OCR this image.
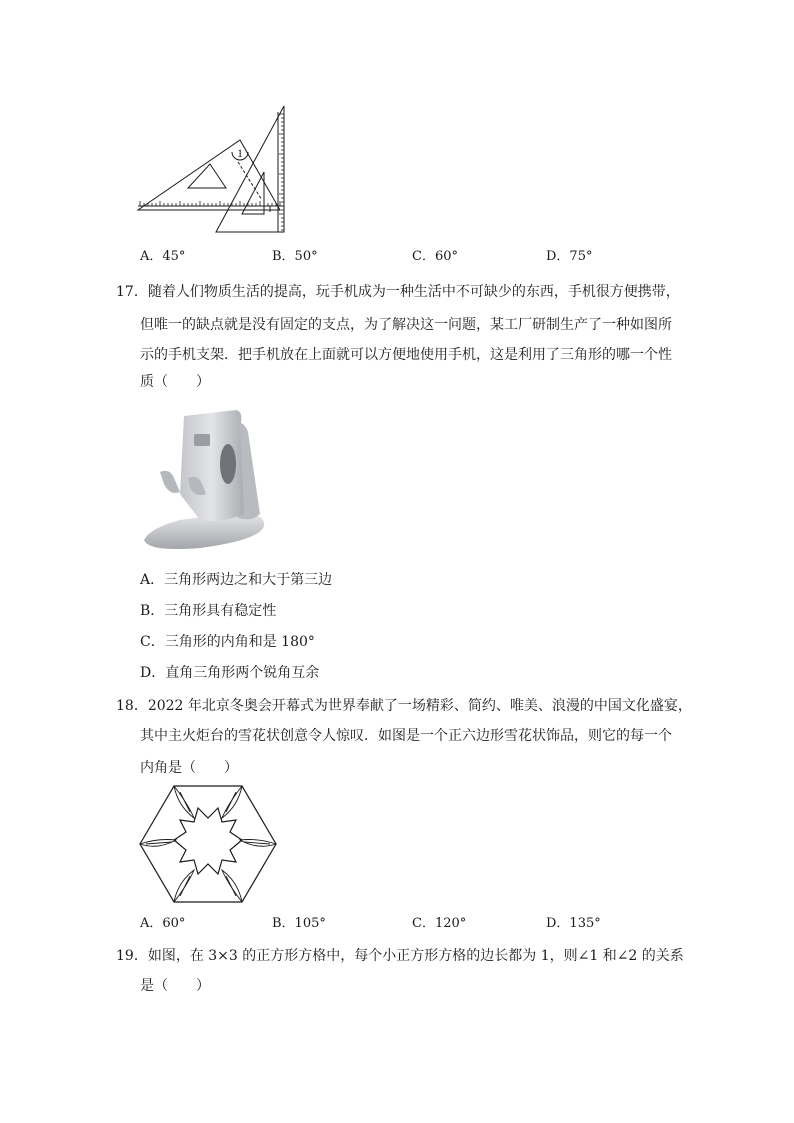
1
A．45°	B．50°	C．60°	D．75°
17．随着人们物质生活的提高，玩手机成为一种生活中不可缺少的东西，手机很方便携带，
但唯一的缺点就是没有固定的支点，为了解决这一问题，某工厂研制生产了一种如图所
示的手机支架．把手机放在上面就可以方便地使用手机，这是利用了三角形的哪一个性
质（　　）
A．三角形两边之和大于第三边
B．三角形具有稳定性
C．三角形的内角和是 180°
D．直角三角形两个锐角互余
18．2022 年北京冬奥会开幕式为世界奉献了一场精彩、简约、唯美、浪漫的中国文化盛宴，
其中主火炬台的雪花状创意令人惊叹．如图是一个正六边形雪花状饰品，则它的每一个
内角是（　　）
A．60°	B．105°	C．120°	D．135°
19．如图，在 3×3 的正方形方格中，每个小正方形方格的边长都为 1，则∠1 和∠2 的关系
是（　　）
